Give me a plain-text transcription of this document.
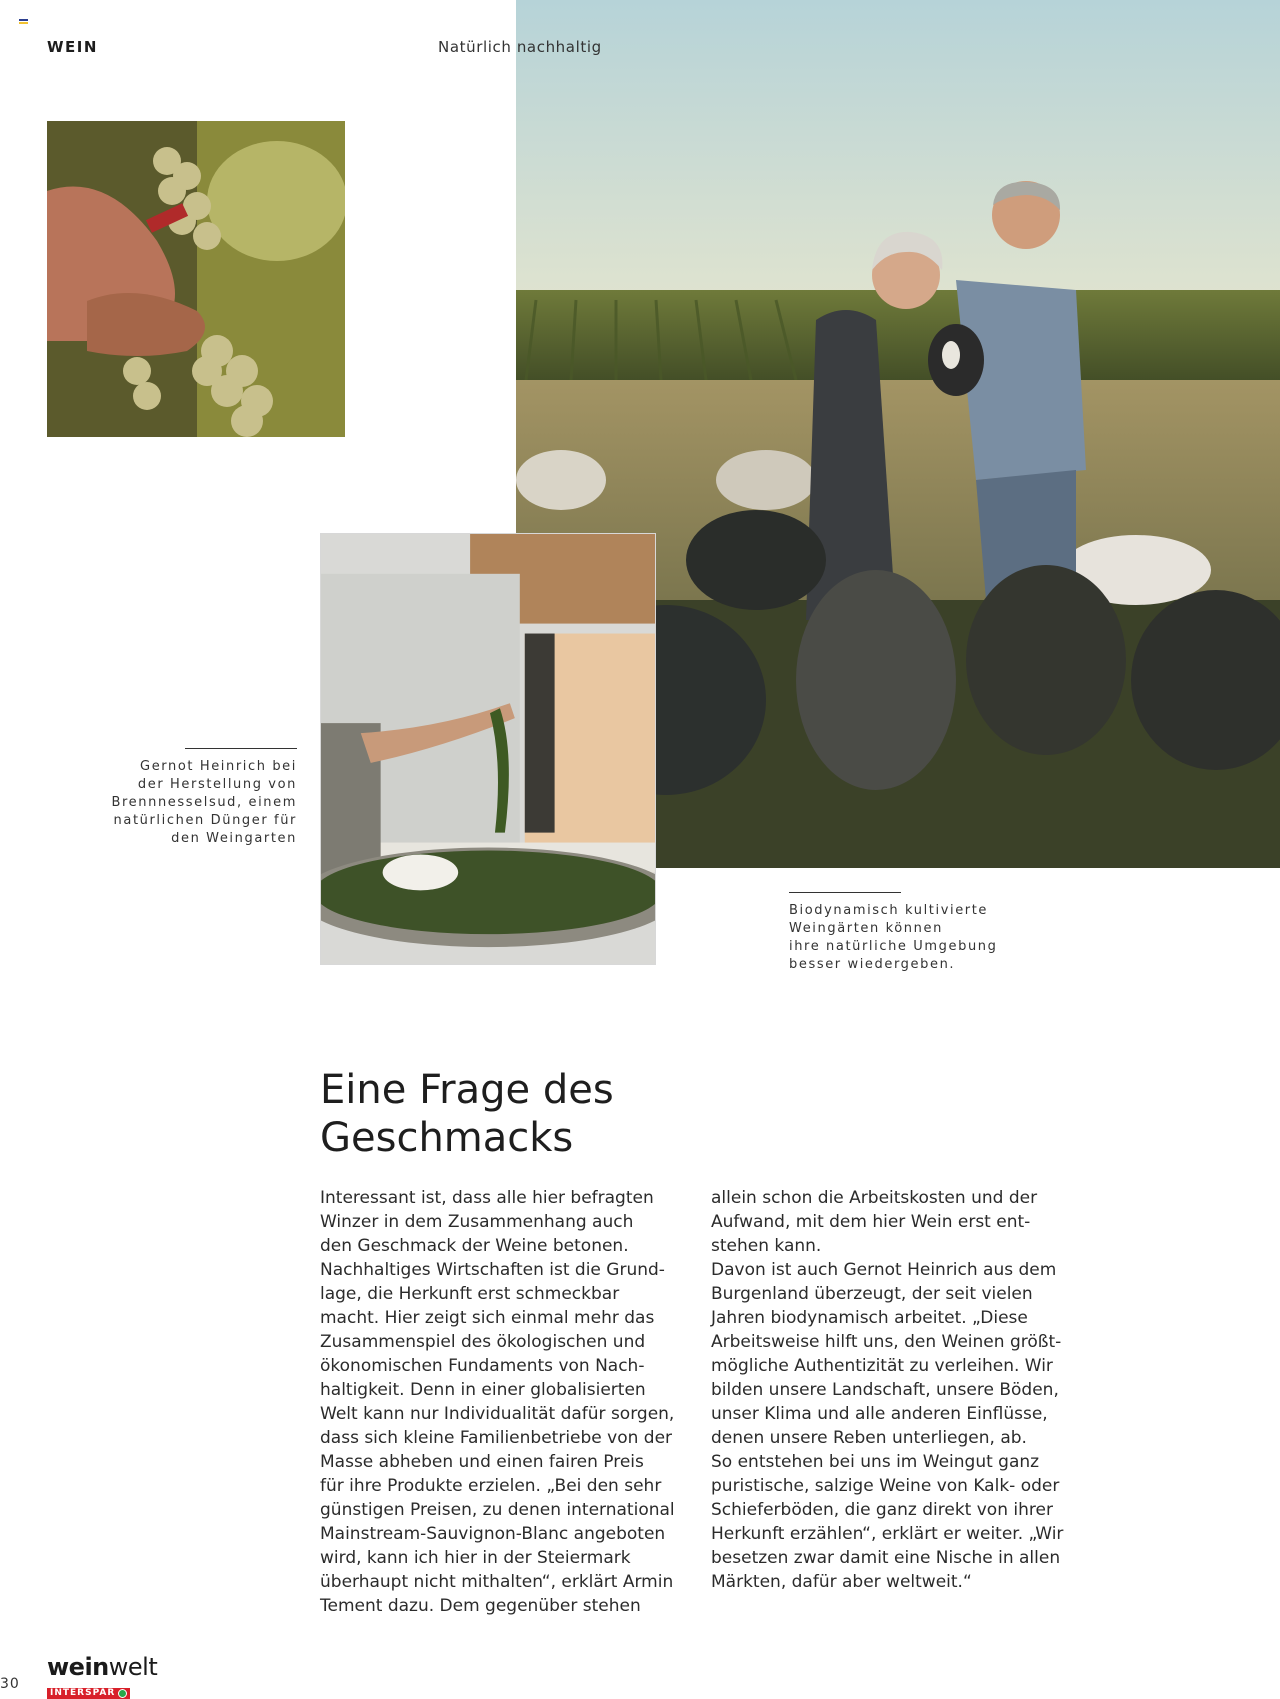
WEIN	Natürlich nachhaltig
Gernot Heinrich bei
der Herstellung von
Brennnesselsud, einem
natürlichen Dünger für
den Weingarten
Biodynamisch kultivierte
Weingärten können
ihre natürliche Umgebung
besser wiedergeben.
Eine Frage des
Geschmacks
Interessant ist, dass alle hier befragten
Winzer in dem Zusammenhang auch
den Geschmack der Weine betonen.
Nachhaltiges Wirtschaften ist die Grund-
lage, die Herkunft erst schmeckbar
macht. Hier zeigt sich einmal mehr das
Zusammenspiel des ökologischen und
ökonomischen Fundaments von Nach-
haltigkeit. Denn in einer globalisierten
Welt kann nur Individualität dafür sorgen,
dass sich kleine Familienbetriebe von der
Masse abheben und einen fairen Preis
für ihre Produkte erzielen. „Bei den sehr
günstigen Preisen, zu denen international
Mainstream-Sauvignon-Blanc angeboten
wird, kann ich hier in der Steiermark
überhaupt nicht mithalten“, erklärt Armin
Tement dazu. Dem gegenüber stehen
allein schon die Arbeitskosten und der
Aufwand, mit dem hier Wein erst ent-
stehen kann.
Davon ist auch Gernot Heinrich aus dem
Burgenland überzeugt, der seit vielen
Jahren biodynamisch arbeitet. „Diese
Arbeitsweise hilft uns, den Weinen größt-
mögliche Authentizität zu verleihen. Wir
bilden unsere Landschaft, unsere Böden,
unser Klima und alle anderen Einflüsse,
denen unsere Reben unterliegen, ab.
So entstehen bei uns im Weingut ganz
puristische, salzige Weine von Kalk- oder
Schieferböden, die ganz direkt von ihrer
Herkunft erzählen“, erklärt er weiter. „Wir
besetzen zwar damit eine Nische in allen
Märkten, dafür aber weltweit.“
30
weinwelt
INTERSPAR
